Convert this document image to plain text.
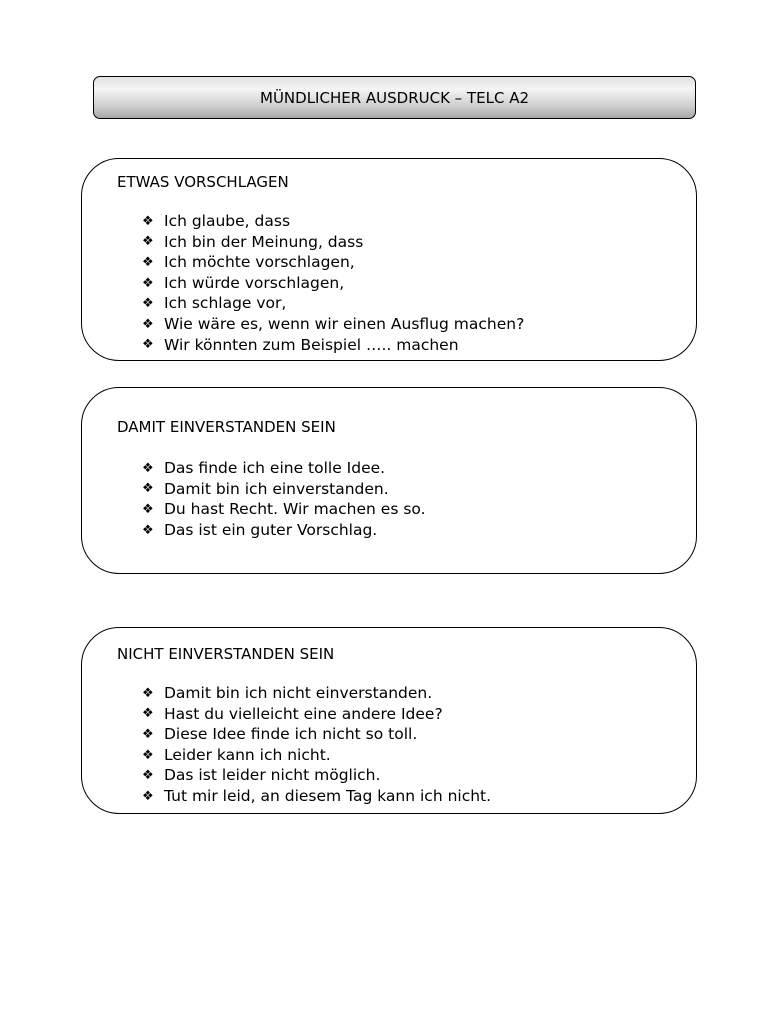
MÜNDLICHER AUSDRUCK – TELC A2
ETWAS VORSCHLAGEN
❖ Ich glaube, dass
❖ Ich bin der Meinung, dass
❖ Ich möchte vorschlagen,
❖ Ich würde vorschlagen,
❖ Ich schlage vor,
❖ Wie wäre es, wenn wir einen Ausflug machen?
❖ Wir könnten zum Beispiel ….. machen
DAMIT EINVERSTANDEN SEIN
❖ Das finde ich eine tolle Idee.
❖ Damit bin ich einverstanden.
❖ Du hast Recht. Wir machen es so.
❖ Das ist ein guter Vorschlag.
NICHT EINVERSTANDEN SEIN
❖ Damit bin ich nicht einverstanden.
❖ Hast du vielleicht eine andere Idee?
❖ Diese Idee finde ich nicht so toll.
❖ Leider kann ich nicht.
❖ Das ist leider nicht möglich.
❖ Tut mir leid, an diesem Tag kann ich nicht.
